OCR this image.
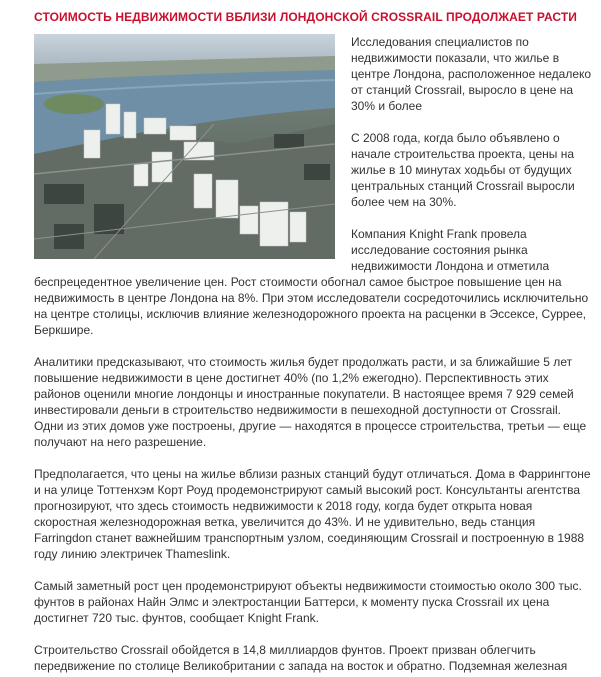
СТОИМОСТЬ НЕДВИЖИМОСТИ ВБЛИЗИ ЛОНДОНСКОЙ CROSSRAIL ПРОДОЛЖАЕТ РАСТИ

Исследования специалистов по недвижимости показали, что жилье в центре Лондона, расположенное недалеко от станций Crossrail, выросло в цене на 30% и более

С 2008 года, когда было объявлено о начале строительства проекта, цены на жилье в 10 минутах ходьбы от будущих центральных станций Crossrail выросли более чем на 30%.

Компания Knight Frank провела исследование состояния рынка недвижимости Лондона и отметила беспрецедентное увеличение цен. Рост стоимости обогнал самое быстрое повышение цен на недвижимость в центре Лондона на 8%. При этом исследователи сосредоточились исключительно на центре столицы, исключив влияние железнодорожного проекта на расценки в Эссексе, Суррее, Беркшире.

Аналитики предсказывают, что стоимость жилья будет продолжать расти, и за ближайшие 5 лет повышение недвижимости в цене достигнет 40% (по 1,2% ежегодно). Перспективность этих районов оценили многие лондонцы и иностранные покупатели. В настоящее время 7 929 семей инвестировали деньги в строительство недвижимости в пешеходной доступности от Crossrail. Одни из этих домов уже построены, другие — находятся в процессе строительства, третьи — еще получают на него разрешение.

Предполагается, что цены на жилье вблизи разных станций будут отличаться. Дома в Фаррингтоне и на улице Тоттенхэм Корт Роуд продемонстрируют самый высокий рост. Консультанты агентства прогнозируют, что здесь стоимость недвижимости к 2018 году, когда будет открыта новая скоростная железнодорожная ветка, увеличится до 43%. И не удивительно, ведь станция Farringdon станет важнейшим транспортным узлом, соединяющим Crossrail и построенную в 1988 году линию электричек Thameslink.

Самый заметный рост цен продемонстрируют объекты недвижимости стоимостью около 300 тыс. фунтов в районах Найн Элмс и электростанции Баттерси, к моменту пуска Crossrail их цена достигнет 720 тыс. фунтов, сообщает Knight Frank.

Строительство Crossrail обойдется в 14,8 миллиардов фунтов. Проект призван облегчить передвижение по столице Великобритании с запада на восток и обратно. Подземная железная
